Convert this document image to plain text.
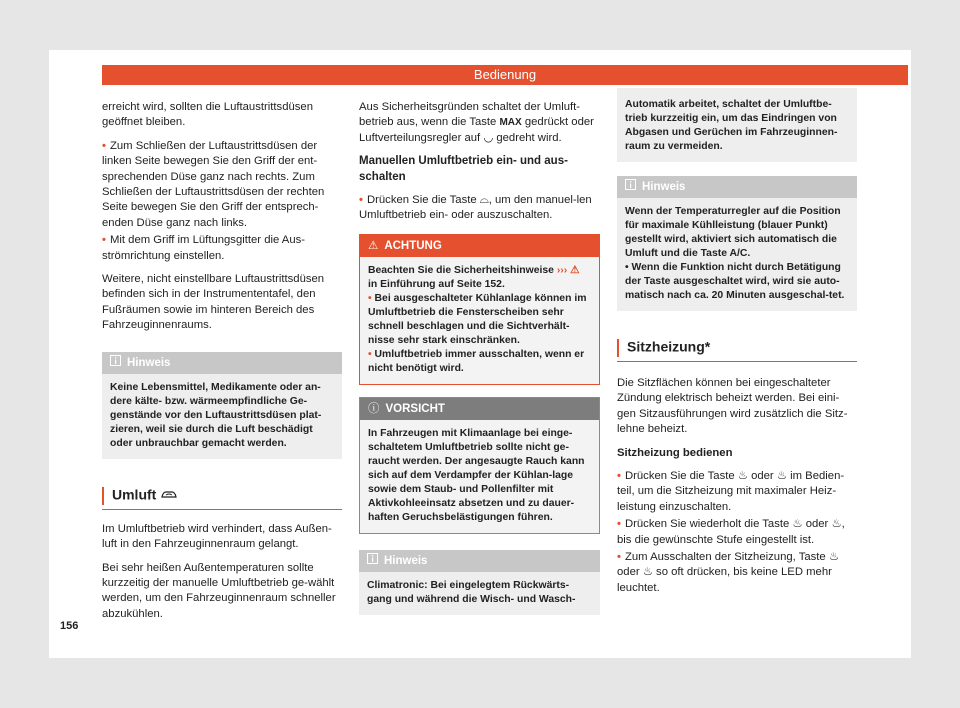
Bedienung

erreicht wird, sollten die Luftaustrittsdüsen geöffnet bleiben.

• Zum Schließen der Luftaustrittsdüsen der linken Seite bewegen Sie den Griff der ent-sprechenden Düse ganz nach rechts. Zum Schließen der Luftaustrittsdüsen der rechten Seite bewegen Sie den Griff der entsprech-enden Düse ganz nach links.
• Mit dem Griff im Lüftungsgitter die Aus-strömrichtung einstellen.

Weitere, nicht einstellbare Luftaustrittsdüsen befinden sich in der Instrumententafel, den Fußräumen sowie im hinteren Bereich des Fahrzeuginnenraums.

Hinweis
Keine Lebensmittel, Medikamente oder an-dere kälte- bzw. wärmeempfindliche Ge-genstände vor den Luftaustrittsdüsen plat-zieren, weil sie durch die Luft beschädigt oder unbrauchbar gemacht werden.
Umluft

Im Umluftbetrieb wird verhindert, dass Außen-luft in den Fahrzeuginnenraum gelangt.

Bei sehr heißen Außentemperaturen sollte kurzzeitig der manuelle Umluftbetrieb ge-wählt werden, um den Fahrzeuginnenraum schneller abzukühlen.

Aus Sicherheitsgründen schaltet der Umluft-betrieb aus, wenn die Taste MAX gedrückt oder Luftverteilungsregler auf ◡ gedreht wird.

Manuellen Umluftbetrieb ein- und aus-schalten

• Drücken Sie die Taste ⌓, um den manuel-len Umluftbetrieb ein- oder auszuschalten.
⚠ ACHTUNG
Beachten Sie die Sicherheitshinweise ››› ⚠
in Einführung auf Seite 152.
• Bei ausgeschalteter Kühlanlage können im Umluftbetrieb die Fensterscheiben sehr schnell beschlagen und die Sichtverhält-nisse sehr stark einschränken.
• Umluftbetrieb immer ausschalten, wenn er nicht benötigt wird.
ⓘ VORSICHT
In Fahrzeugen mit Klimaanlage bei einge-schaltetem Umluftbetrieb sollte nicht ge-raucht werden. Der angesaugte Rauch kann sich auf dem Verdampfer der Kühlan-lage sowie dem Staub- und Pollenfilter mit Aktivkohleeinsatz absetzen und zu dauer-haften Geruchsbelästigungen führen.
Hinweis
Climatronic: Bei eingelegtem Rückwärts-gang und während die Wisch- und Wasch-
Automatik arbeitet, schaltet der Umluftbe-trieb kurzzeitig ein, um das Eindringen von Abgasen und Gerüchen im Fahrzeuginnen-raum zu vermeiden.
Hinweis
Wenn der Temperaturregler auf die Position für maximale Kühlleistung (blauer Punkt) gestellt wird, aktiviert sich automatisch die Umluft und die Taste A/C.
• Wenn die Funktion nicht durch Betätigung der Taste ausgeschaltet wird, wird sie auto-matisch nach ca. 20 Minuten ausgeschal-tet.
Sitzheizung*

Die Sitzflächen können bei eingeschalteter Zündung elektrisch beheizt werden. Bei eini-gen Sitzausführungen wird zusätzlich die Sitz-lehne beheizt.

Sitzheizung bedienen

• Drücken Sie die Taste ♨ oder ♨ im Bedien-teil, um die Sitzheizung mit maximaler Heiz-leistung einzuschalten.
• Drücken Sie wiederholt die Taste ♨ oder ♨, bis die gewünschte Stufe eingestellt ist.
• Zum Ausschalten der Sitzheizung, Taste ♨ oder ♨ so oft drücken, bis keine LED mehr leuchtet.
156
